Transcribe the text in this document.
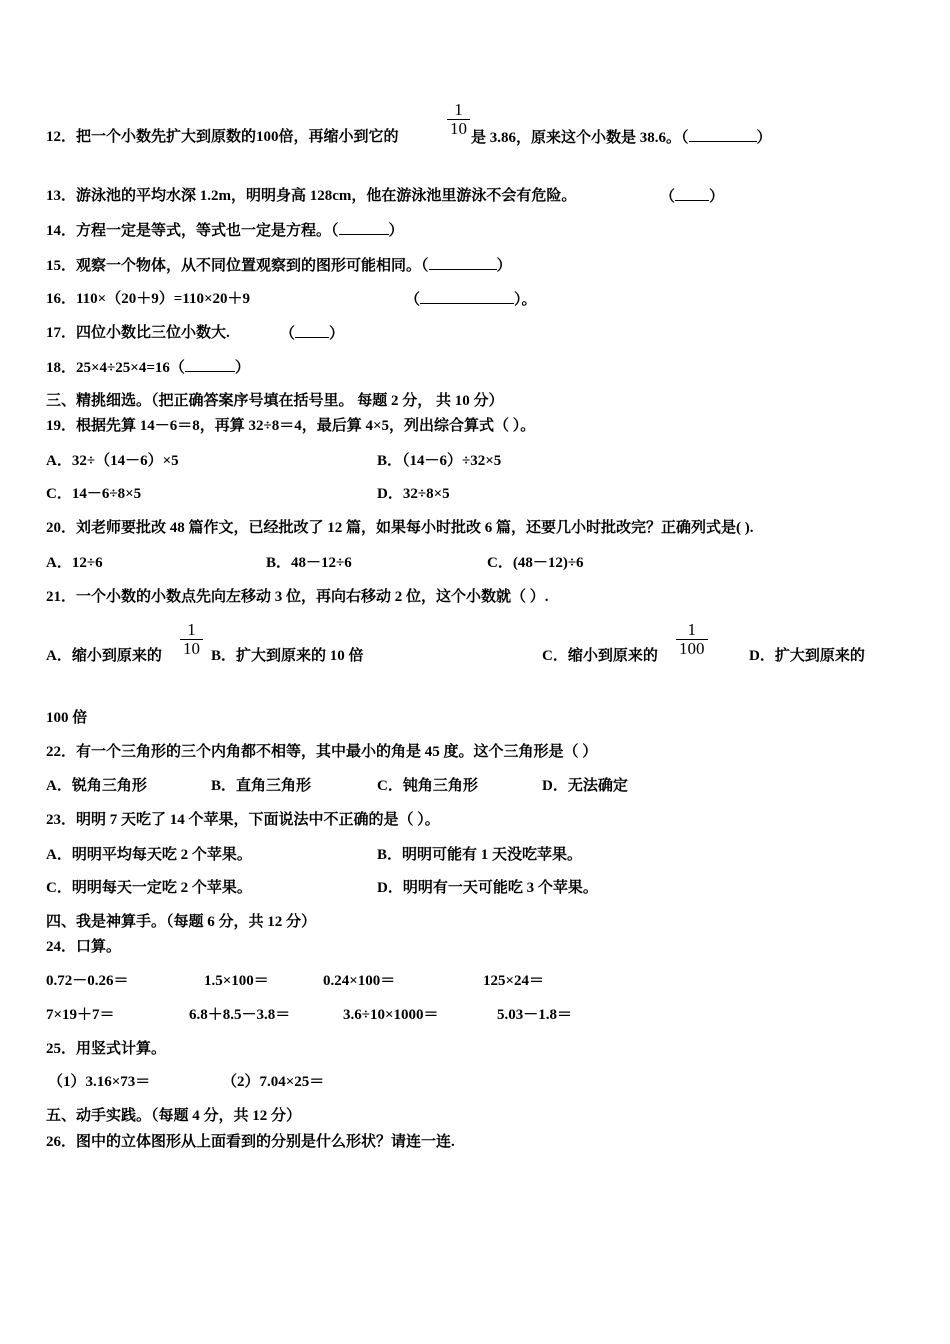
12．把一个小数先扩大到原数的100倍，再缩小到它的	$\frac{1}{10}$ 是 3.86，原来这个小数是 38.6。（	）
13．游泳池的平均水深 1.2m，明明身高 128cm，他在游泳池里游泳不会有危险。	（ ）
14．方程一定是等式，等式也一定是方程。（	）
15．观察一个物体，从不同位置观察到的图形可能相同。（	）
16．110×（20＋9）=110×20＋9	（	）。
17．四位小数比三位小数大.	（ ）
18．25×4÷25×4=16（	）
三、精挑细选。（把正确答案序号填在括号里。 每题 2 分， 共 10 分）
19．根据先算 14－6＝8，再算 32÷8＝4，最后算 4×5，列出综合算式（ ）。
A．32÷（14－6）×5	B．（14－6）÷32×5
C．14－6÷8×5	D．32÷8×5
20．刘老师要批改 48 篇作文，已经批改了 12 篇，如果每小时批改 6 篇，还要几小时批改完？正确列式是( ).
A．12÷6	B．48－12÷6	C．(48－12)÷6
21．一个小数的小数点先向左移动 3 位，再向右移动 2 位，这个小数就（ ）.
A．缩小到原来的 $\frac{1}{10}$ B．扩大到原来的 10 倍	C．缩小到原来的 $\frac{1}{100}$	D．扩大到原来的
100 倍
22．有一个三角形的三个内角都不相等，其中最小的角是 45 度。这个三角形是（ ）
A．锐角三角形	B．直角三角形	C．钝角三角形	D．无法确定
23．明明 7 天吃了 14 个苹果，下面说法中不正确的是（ ）。
A．明明平均每天吃 2 个苹果。	B．明明可能有 1 天没吃苹果。
C．明明每天一定吃 2 个苹果。	D．明明有一天可能吃 3 个苹果。
四、我是神算手。（每题 6 分，共 12 分）
24．口算。
0.72－0.26＝	1.5×100＝	0.24×100＝	125×24＝
7×19＋7＝	6.8＋8.5－3.8＝	3.6÷10×1000＝	5.03－1.8＝
25．用竖式计算。
（1）3.16×73＝	（2）7.04×25＝
五、动手实践。（每题 4 分，共 12 分）
26．图中的立体图形从上面看到的分别是什么形状？请连一连.
